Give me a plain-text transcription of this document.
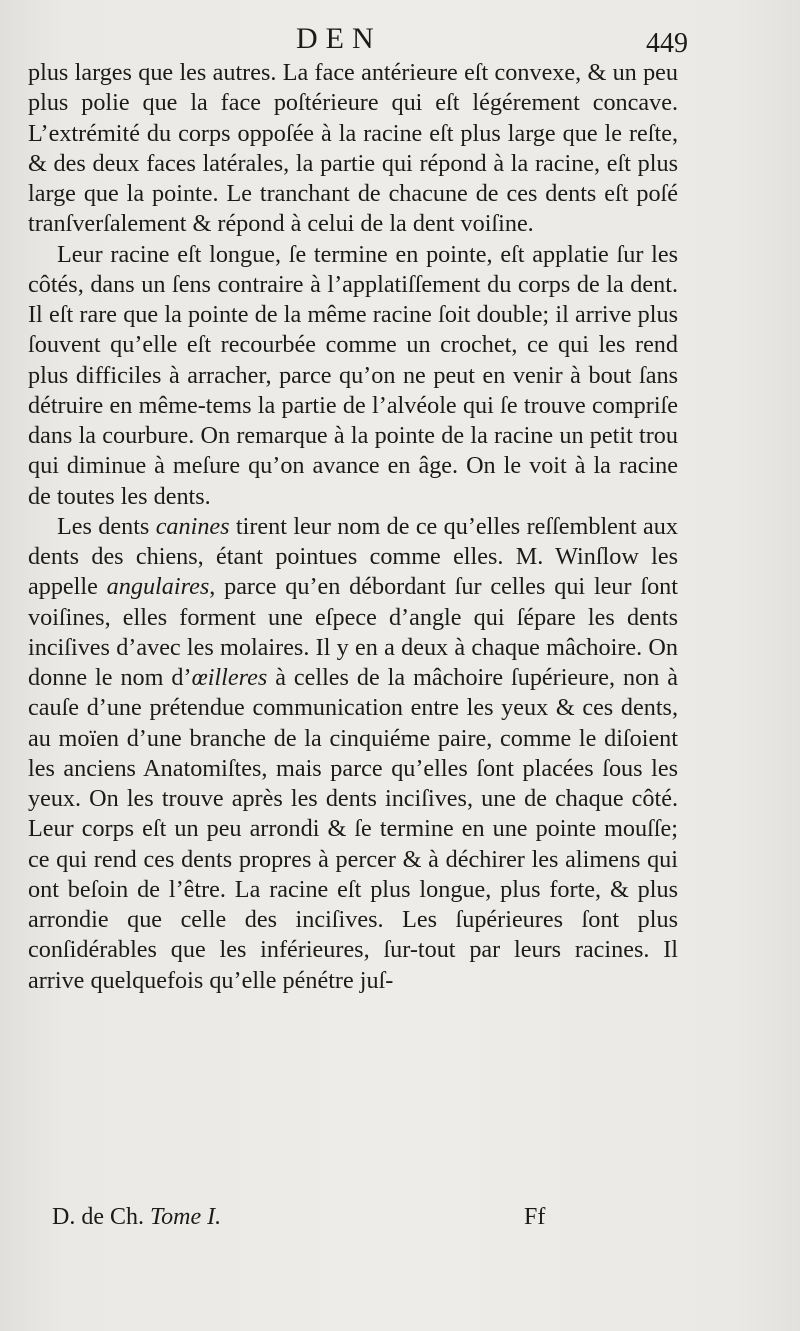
DEN	449

plus larges que les autres. La face antérieure eſt convexe, & un peu plus polie que la face poſtérieure qui eſt légérement concave. L’extrémité du corps oppoſée à la racine eſt plus large que le reſte, & des deux faces latérales, la partie qui répond à la racine, eſt plus large que la pointe. Le tranchant de chacune de ces dents eſt poſé tranſverſalement & répond à celui de la dent voiſine.

Leur racine eſt longue, ſe termine en pointe, eſt applatie ſur les côtés, dans un ſens contraire à l’applatiſſement du corps de la dent. Il eſt rare que la pointe de la même racine ſoit double; il arrive plus ſouvent qu’elle eſt recourbée comme un crochet, ce qui les rend plus difficiles à arracher, parce qu’on ne peut en venir à bout ſans détruire en même-tems la partie de l’alvéole qui ſe trouve compriſe dans la courbure. On remarque à la pointe de la racine un petit trou qui diminue à meſure qu’on avance en âge. On le voit à la racine de toutes les dents.

Les dents canines tirent leur nom de ce qu’elles reſſemblent aux dents des chiens, étant pointues comme elles. M. Winſlow les appelle angulaires, parce qu’en débordant ſur celles qui leur ſont voiſines, elles forment une eſpece d’angle qui ſépare les dents inciſives d’avec les molaires. Il y en a deux à chaque mâchoire. On donne le nom d’œilleres à celles de la mâchoire ſupérieure, non à cauſe d’une prétendue communication entre les yeux & ces dents, au moïen d’une branche de la cinquiéme paire, comme le diſoient les anciens Anatomiſtes, mais parce qu’elles ſont placées ſous les yeux. On les trouve après les dents inciſives, une de chaque côté. Leur corps eſt un peu arrondi & ſe termine en une pointe mouſſe; ce qui rend ces dents propres à percer & à déchirer les alimens qui ont beſoin de l’être. La racine eſt plus longue, plus forte, & plus arrondie que celle des inciſives. Les ſupérieures ſont plus conſidérables que les inférieures, ſur-tout par leurs racines. Il arrive quelquefois qu’elle pénétre juſ-

D. de Ch. Tome I.	Ff
